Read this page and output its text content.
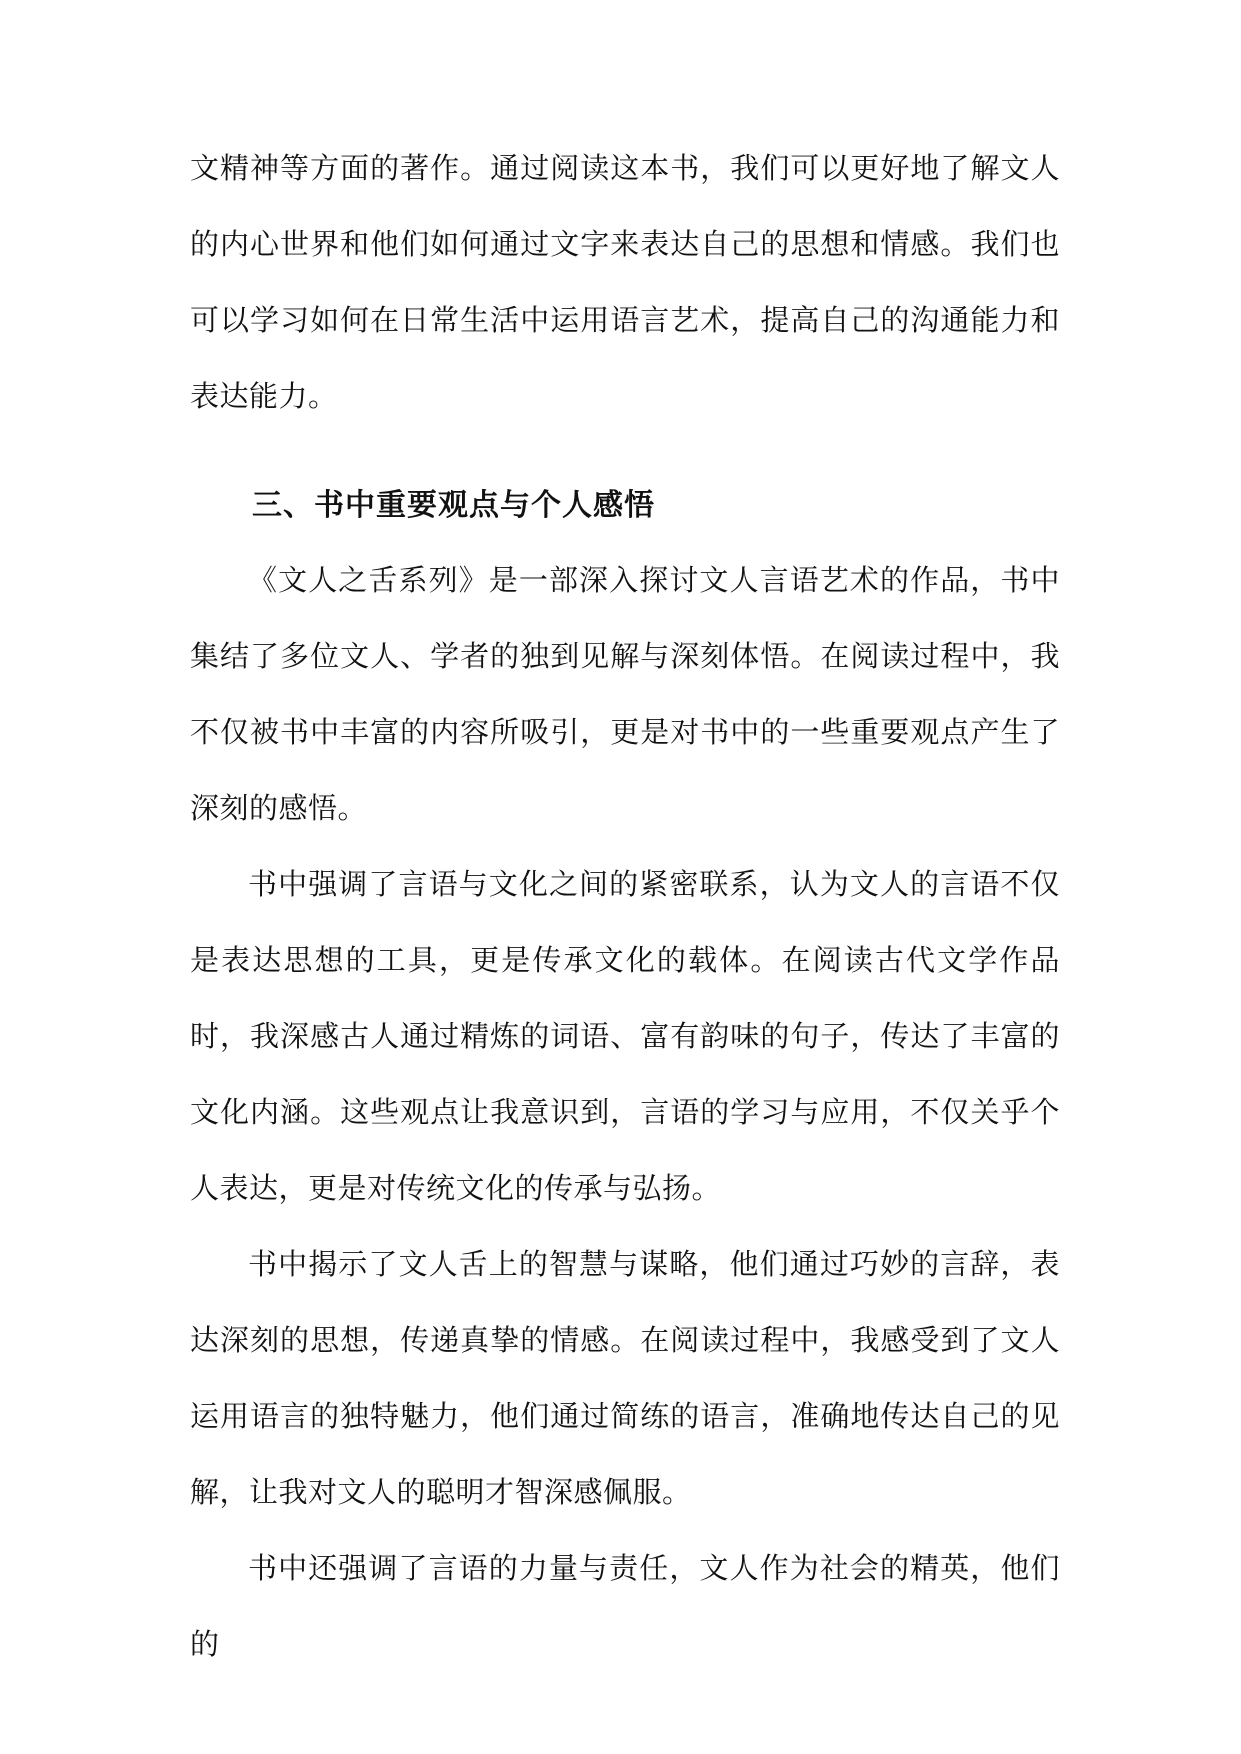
文精神等方面的著作。通过阅读这本书，我们可以更好地了解文人的内心世界和他们如何通过文字来表达自己的思想和情感。我们也可以学习如何在日常生活中运用语言艺术，提高自己的沟通能力和表达能力。

三、书中重要观点与个人感悟

《文人之舌系列》是一部深入探讨文人言语艺术的作品，书中集结了多位文人、学者的独到见解与深刻体悟。在阅读过程中，我不仅被书中丰富的内容所吸引，更是对书中的一些重要观点产生了深刻的感悟。

书中强调了言语与文化之间的紧密联系，认为文人的言语不仅是表达思想的工具，更是传承文化的载体。在阅读古代文学作品时，我深感古人通过精炼的词语、富有韵味的句子，传达了丰富的文化内涵。这些观点让我意识到，言语的学习与应用，不仅关乎个人表达，更是对传统文化的传承与弘扬。

书中揭示了文人舌上的智慧与谋略，他们通过巧妙的言辞，表达深刻的思想，传递真挚的情感。在阅读过程中，我感受到了文人运用语言的独特魅力，他们通过简练的语言，准确地传达自己的见解，让我对文人的聪明才智深感佩服。

书中还强调了言语的力量与责任，文人作为社会的精英，他们的
